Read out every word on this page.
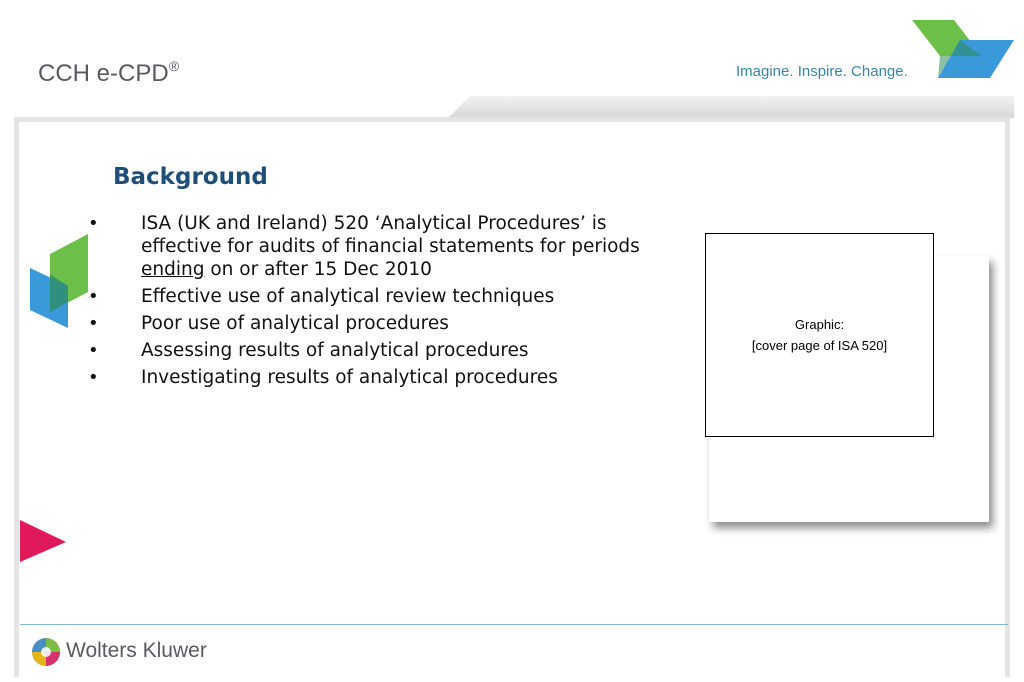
CCH e-CPD®	Imagine. Inspire. Change.
Background
• ISA (UK and Ireland) 520 ‘Analytical Procedures’ is effective for audits of financial statements for periods ending on or after 15 Dec 2010
• Effective use of analytical review techniques
• Poor use of analytical procedures
• Assessing results of analytical procedures
• Investigating results of analytical procedures
Graphic:
[cover page of ISA 520]
Wolters Kluwer
